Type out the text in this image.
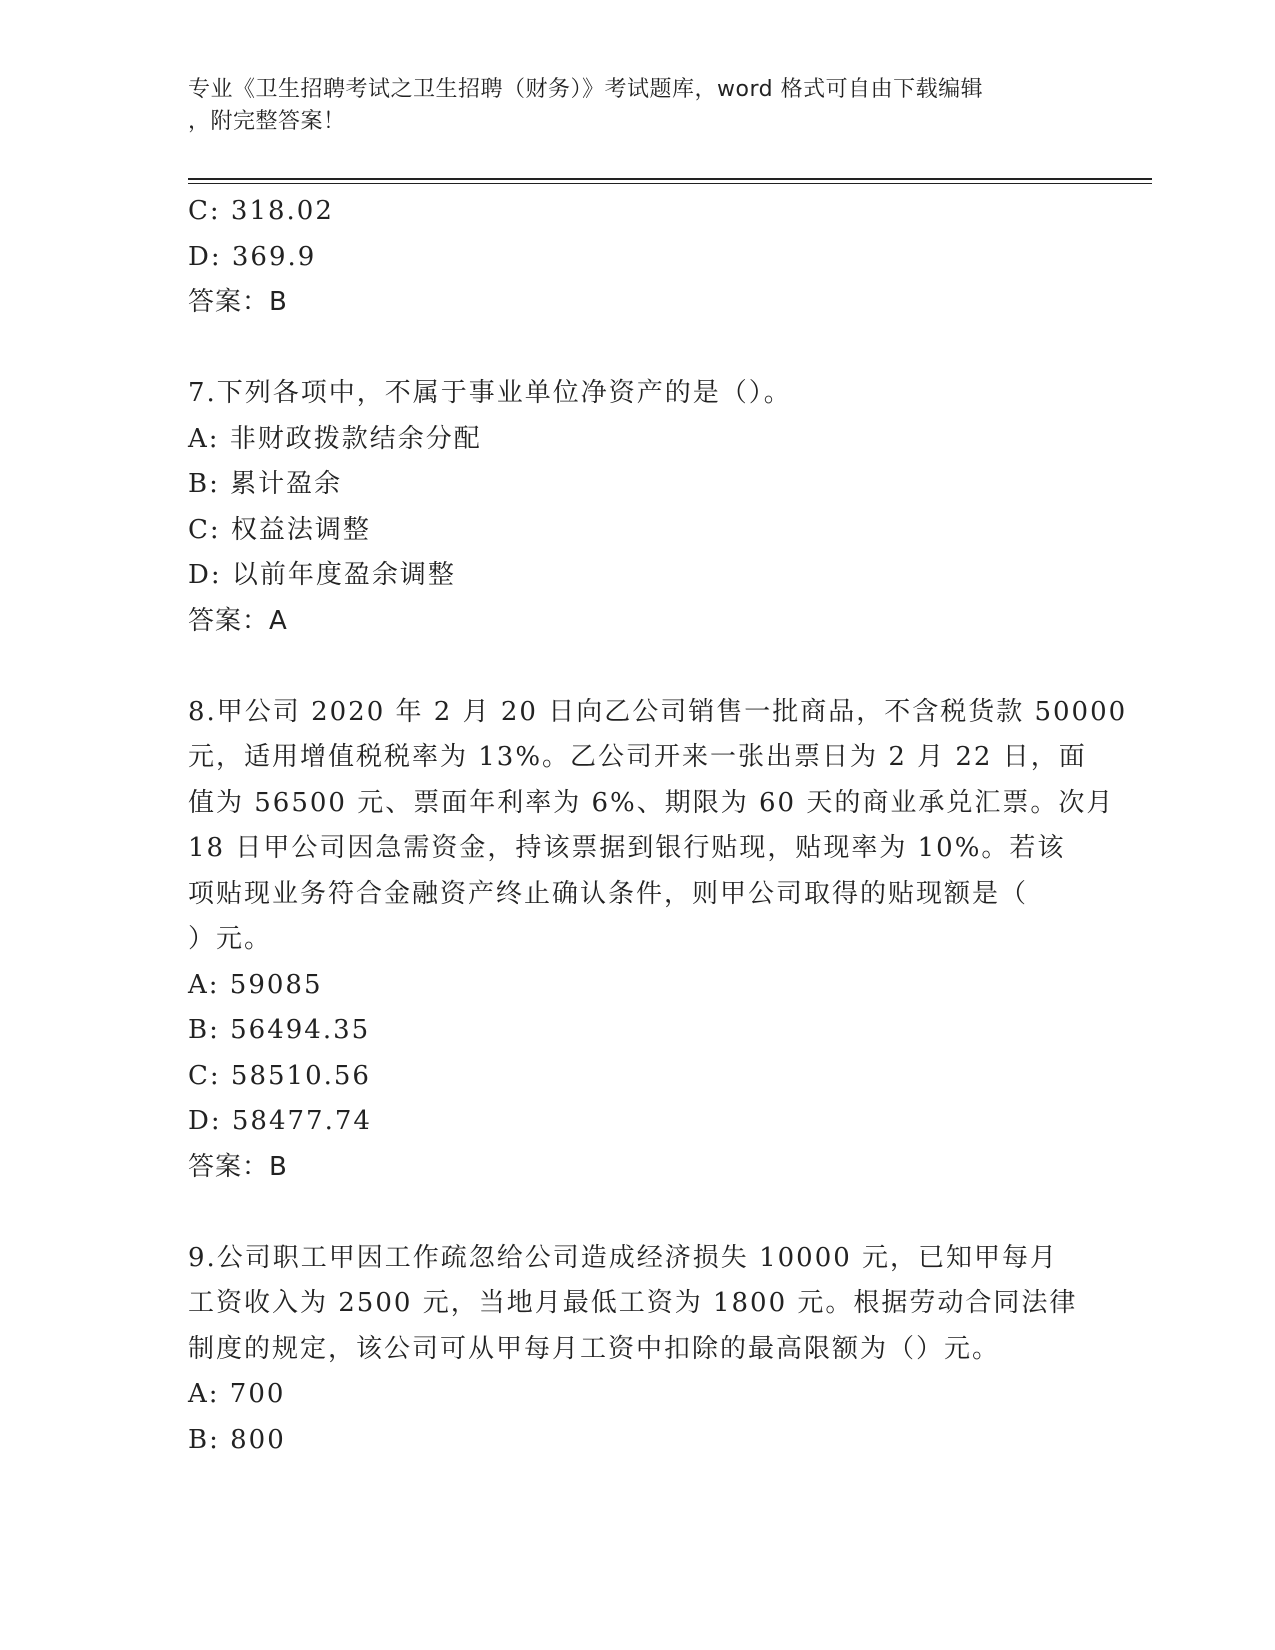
专业《卫生招聘考试之卫生招聘（财务）》考试题库，word 格式可自由下载编辑
，附完整答案！
C: 318.02
D: 369.9
答案：B
7.下列各项中，不属于事业单位净资产的是（）。
A: 非财政拨款结余分配
B: 累计盈余
C: 权益法调整
D: 以前年度盈余调整
答案：A
8.甲公司 2020 年 2 月 20 日向乙公司销售一批商品，不含税货款 50000
元，适用增值税税率为 13%。乙公司开来一张出票日为 2 月 22 日，面
值为 56500 元、票面年利率为 6%、期限为 60 天的商业承兑汇票。次月
18 日甲公司因急需资金，持该票据到银行贴现，贴现率为 10%。若该
项贴现业务符合金融资产终止确认条件，则甲公司取得的贴现额是（
）元。
A: 59085
B: 56494.35
C: 58510.56
D: 58477.74
答案：B
9.公司职工甲因工作疏忽给公司造成经济损失 10000 元，已知甲每月
工资收入为 2500 元，当地月最低工资为 1800 元。根据劳动合同法律
制度的规定，该公司可从甲每月工资中扣除的最高限额为（）元。
A: 700
B: 800
